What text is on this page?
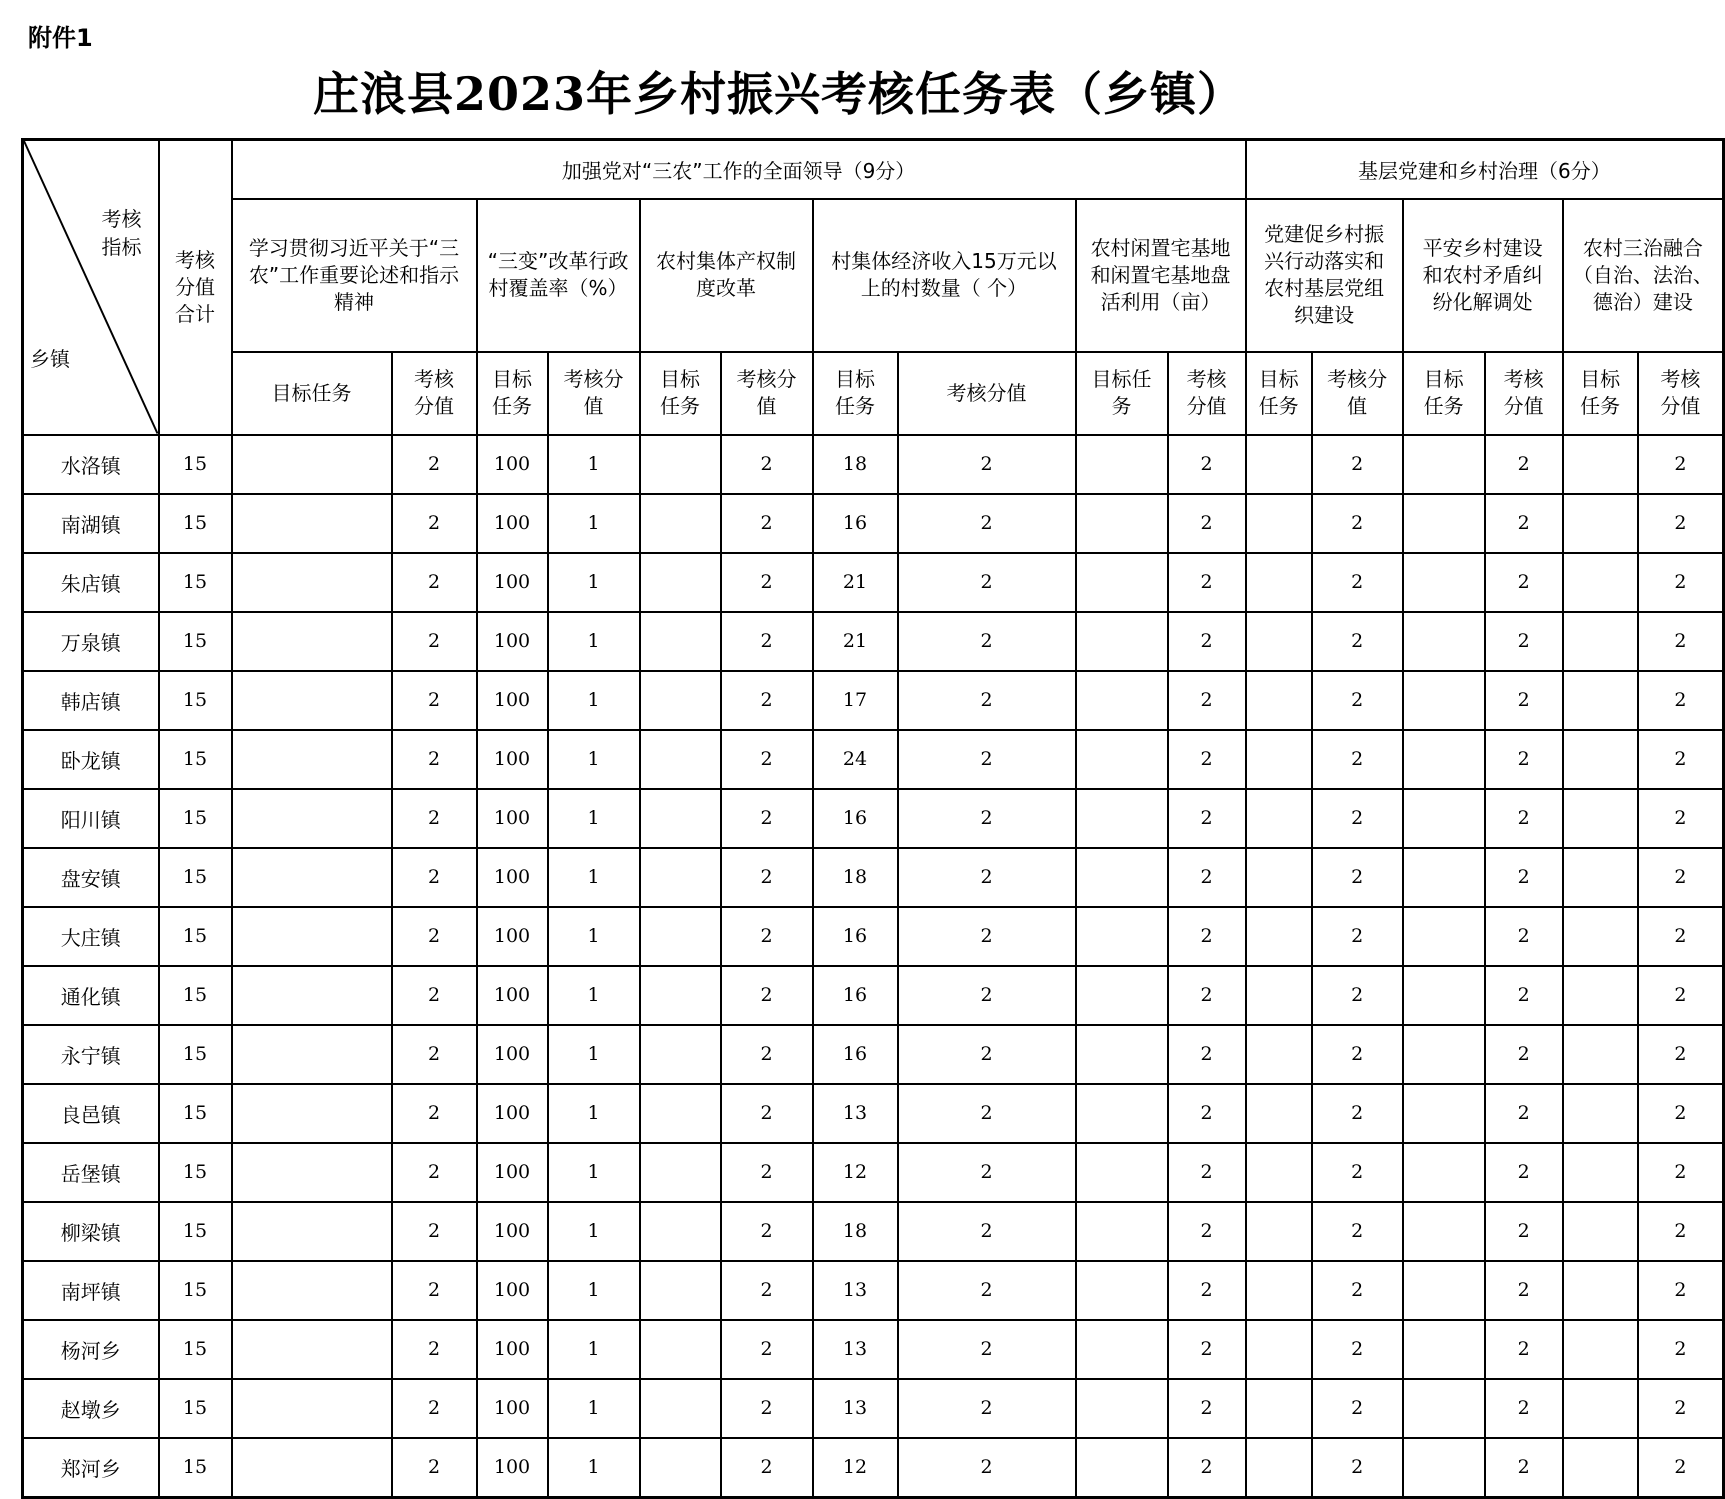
附件1
庄浪县2023年乡村振兴考核任务表（乡镇）
考核指标
乡镇	考核分值合计	加强党对“三农”工作的全面领导（9分）										基层党建和乡村治理（6分）					
		学习贯彻习近平关于“三农”工作重要论述和指示精神		“三变”改革行政村覆盖率（%）		农村集体产权制度改革		村集体经济收入15万元以上的村数量（ 个）		农村闲置宅基地和闲置宅基地盘活利用（亩）		党建促乡村振兴行动落实和农村基层党组织建设		平安乡村建设和农村矛盾纠纷化解调处		农村三治融合（自治、法治、德治）建设	
		目标任务	考核分值	目标任务	考核分值	目标任务	考核分值	目标任务	考核分值	目标任务	考核分值	目标任务	考核分值	目标任务	考核分值	目标任务	考核分值
水洛镇	15		2	100	1		2	18	2		2		2		2		2
南湖镇	15		2	100	1		2	16	2		2		2		2		2
朱店镇	15		2	100	1		2	21	2		2		2		2		2
万泉镇	15		2	100	1		2	21	2		2		2		2		2
韩店镇	15		2	100	1		2	17	2		2		2		2		2
卧龙镇	15		2	100	1		2	24	2		2		2		2		2
阳川镇	15		2	100	1		2	16	2		2		2		2		2
盘安镇	15		2	100	1		2	18	2		2		2		2		2
大庄镇	15		2	100	1		2	16	2		2		2		2		2
通化镇	15		2	100	1		2	16	2		2		2		2		2
永宁镇	15		2	100	1		2	16	2		2		2		2		2
良邑镇	15		2	100	1		2	13	2		2		2		2		2
岳堡镇	15		2	100	1		2	12	2		2		2		2		2
柳梁镇	15		2	100	1		2	18	2		2		2		2		2
南坪镇	15		2	100	1		2	13	2		2		2		2		2
杨河乡	15		2	100	1		2	13	2		2		2		2		2
赵墩乡	15		2	100	1		2	13	2		2		2		2		2
郑河乡	15		2	100	1		2	12	2		2		2		2		2
